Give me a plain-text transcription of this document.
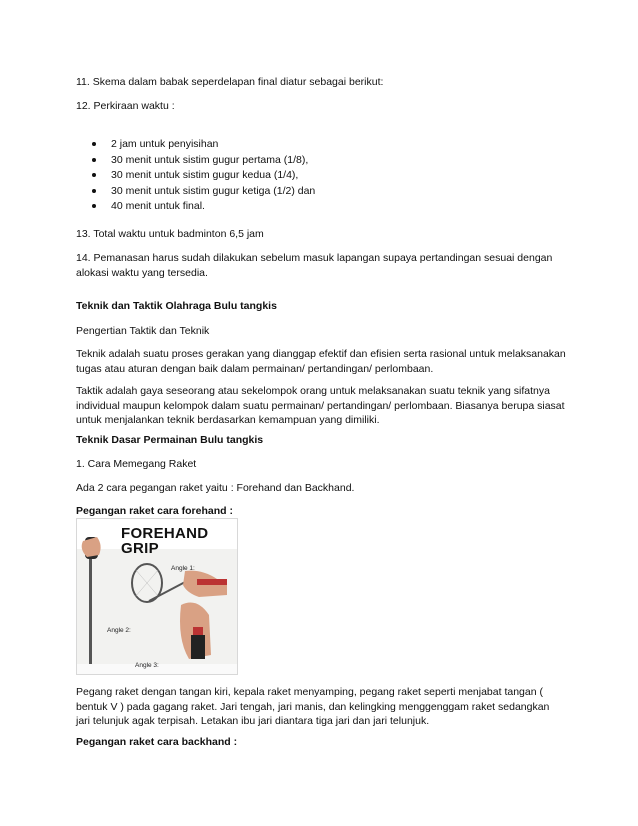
11. Skema dalam babak seperdelapan final diatur sebagai berikut:

12. Perkiraan waktu :

2 jam untuk penyisihan
30 menit untuk sistim gugur pertama (1/8),
30 menit untuk sistim gugur kedua (1/4),
30 menit untuk sistim gugur ketiga (1/2) dan
40 menit untuk final.

13. Total waktu untuk badminton 6,5 jam

14. Pemanasan harus sudah dilakukan sebelum masuk lapangan supaya pertandingan sesuai dengan

alokasi waktu yang tersedia.

Teknik dan Taktik Olahraga Bulu tangkis

Pengertian Taktik dan Teknik

Teknik adalah suatu proses gerakan yang dianggap efektif dan efisien serta rasional untuk melaksanakan

tugas atau aturan dengan baik dalam permainan/ pertandingan/ perlombaan.

Taktik adalah gaya seseorang atau sekelompok orang untuk melaksanakan suatu teknik yang sifatnya

individual maupun kelompok dalam suatu permainan/ pertandingan/ perlombaan. Biasanya berupa siasat

untuk menjalankan teknik berdasarkan kemampuan yang dimiliki.

Teknik Dasar Permainan Bulu tangkis

1. Cara Memegang Raket

Ada 2 cara pegangan raket yaitu : Forehand dan Backhand.

Pegangan raket cara forehand :

FOREHAND GRIP
Angle 1:
Angle 2:
Angle 3:

Pegang raket dengan tangan kiri, kepala raket menyamping, pegang raket seperti menjabat tangan (

bentuk V ) pada gagang raket. Jari tengah, jari manis, dan kelingking menggenggam raket sedangkan

jari telunjuk agak terpisah. Letakan ibu jari diantara tiga jari dan jari telunjuk.

Pegangan raket cara backhand :
